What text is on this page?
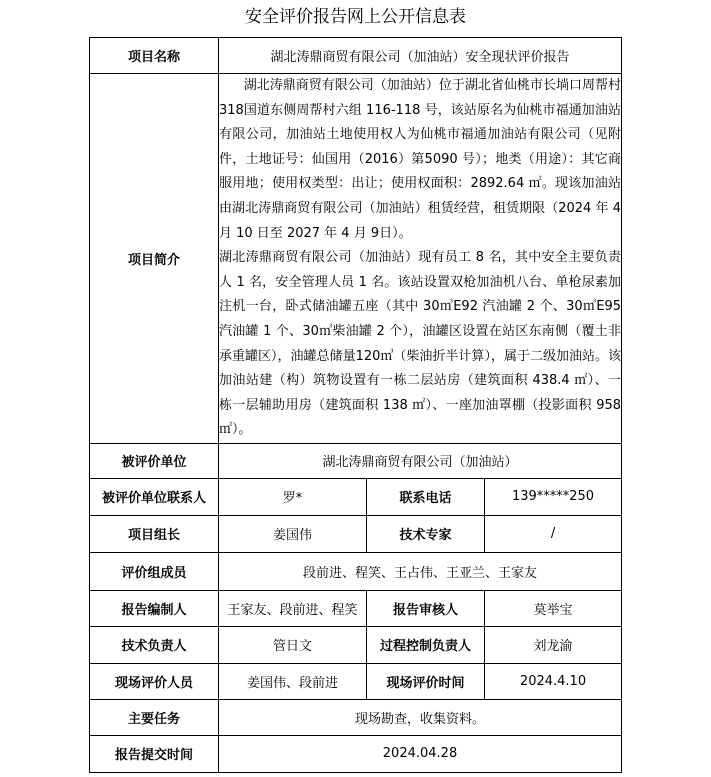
安全评价报告网上公开信息表
项目名称	湖北涛鼎商贸有限公司（加油站）安全现状评价报告		
项目简介	湖北涛鼎商贸有限公司（加油站）位于湖北省仙桃市长埫口周帮村318国道东侧周帮村六组 116-118 号，该站原名为仙桃市福通加油站有限公司，加油站土地使用权人为仙桃市福通加油站有限公司（见附件，土地证号：仙国用（2016）第5090 号）；地类（用途）：其它商服用地；使用权类型：出让；使用权面积：2892.64 ㎡。现该加油站由湖北涛鼎商贸有限公司（加油站）租赁经营，租赁期限（2024 年 4 月 10 日至 2027 年 4 月 9日）。

湖北涛鼎商贸有限公司（加油站）现有员工 8 名，其中安全主要负责人 1 名，安全管理人员 1 名。该站设置双枪加油机八台、单枪尿素加注机一台，卧式储油罐五座（其中 30㎥E92 汽油罐 2 个、30㎥E95 汽油罐 1 个、30㎥柴油罐 2 个），油罐区设置在站区东南侧（覆土非承重罐区），油罐总储量120㎥（柴油折半计算），属于二级加油站。该加油站建（构）筑物设置有一栋二层站房（建筑面积 438.4 ㎡）、一栋一层辅助用房（建筑面积 138 ㎡）、一座加油罩棚（投影面积 958 ㎡）。		

被评价单位	湖北涛鼎商贸有限公司（加油站）		
被评价单位联系人	罗*	联系电话	139*****250
项目组长	姜国伟	技术专家	/
评价组成员	段前进、程笑、王占伟、王亚兰、王家友		
报告编制人	王家友、段前进、程笑	报告审核人	莫举宝
技术负责人	管日文	过程控制负责人	刘龙渝
现场评价人员	姜国伟、段前进	现场评价时间	2024.4.10
主要任务	现场勘查，收集资料。		
报告提交时间	2024.04.28		
